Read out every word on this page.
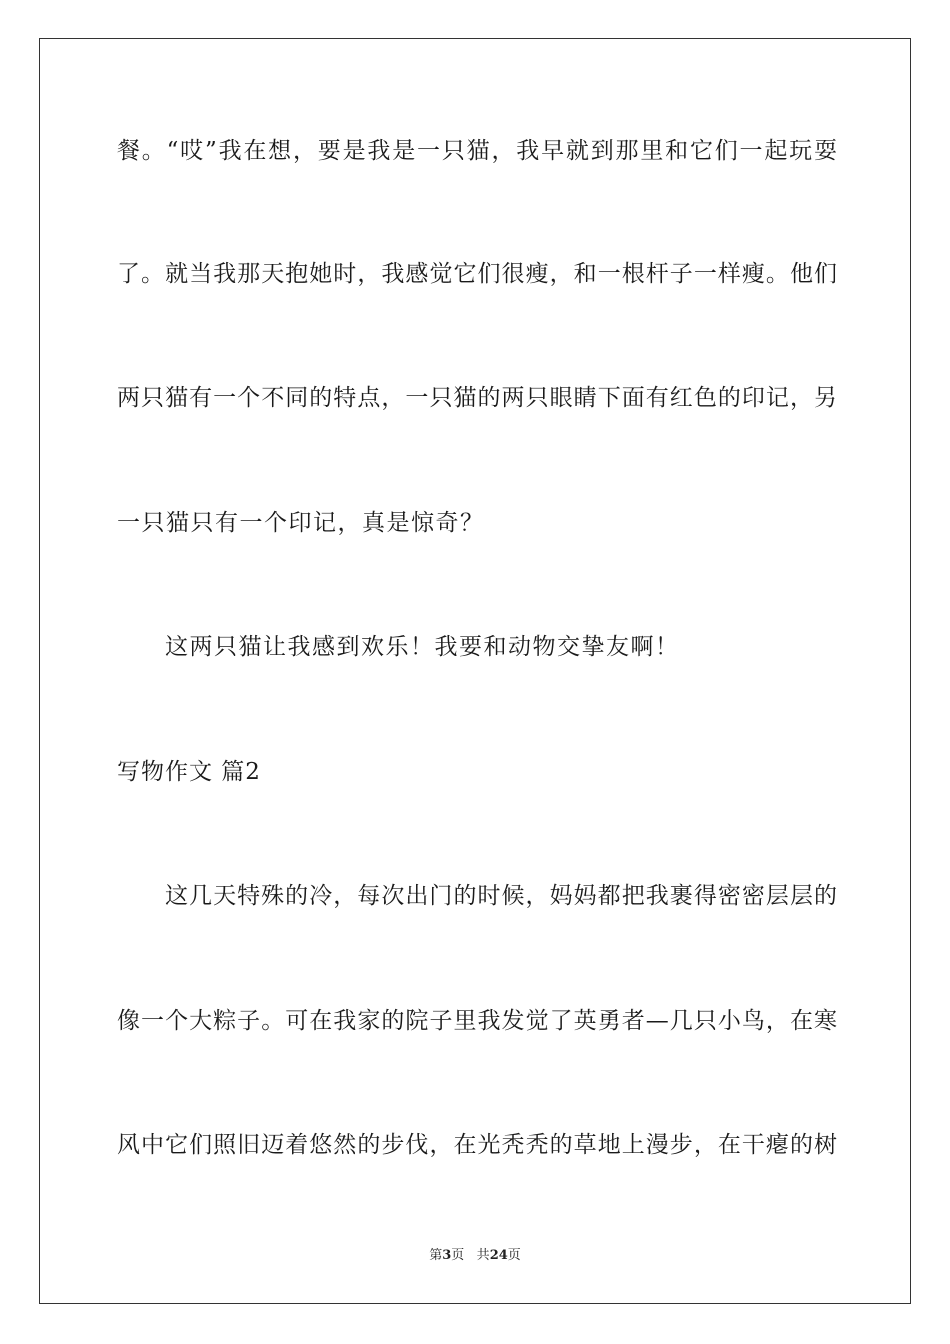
餐。“哎”我在想，要是我是一只猫，我早就到那里和它们一起玩耍
了。就当我那天抱她时，我感觉它们很瘦，和一根杆子一样瘦。他们
两只猫有一个不同的特点，一只猫的两只眼睛下面有红色的印记，另
一只猫只有一个印记，真是惊奇？
这两只猫让我感到欢乐！我要和动物交挚友啊！
写物作文 篇2
这几天特殊的冷，每次出门的时候，妈妈都把我裹得密密层层的
像一个大粽子。可在我家的院子里我发觉了英勇者—几只小鸟，在寒
风中它们照旧迈着悠然的步伐，在光秃秃的草地上漫步，在干瘪的树
第3页 共24页
